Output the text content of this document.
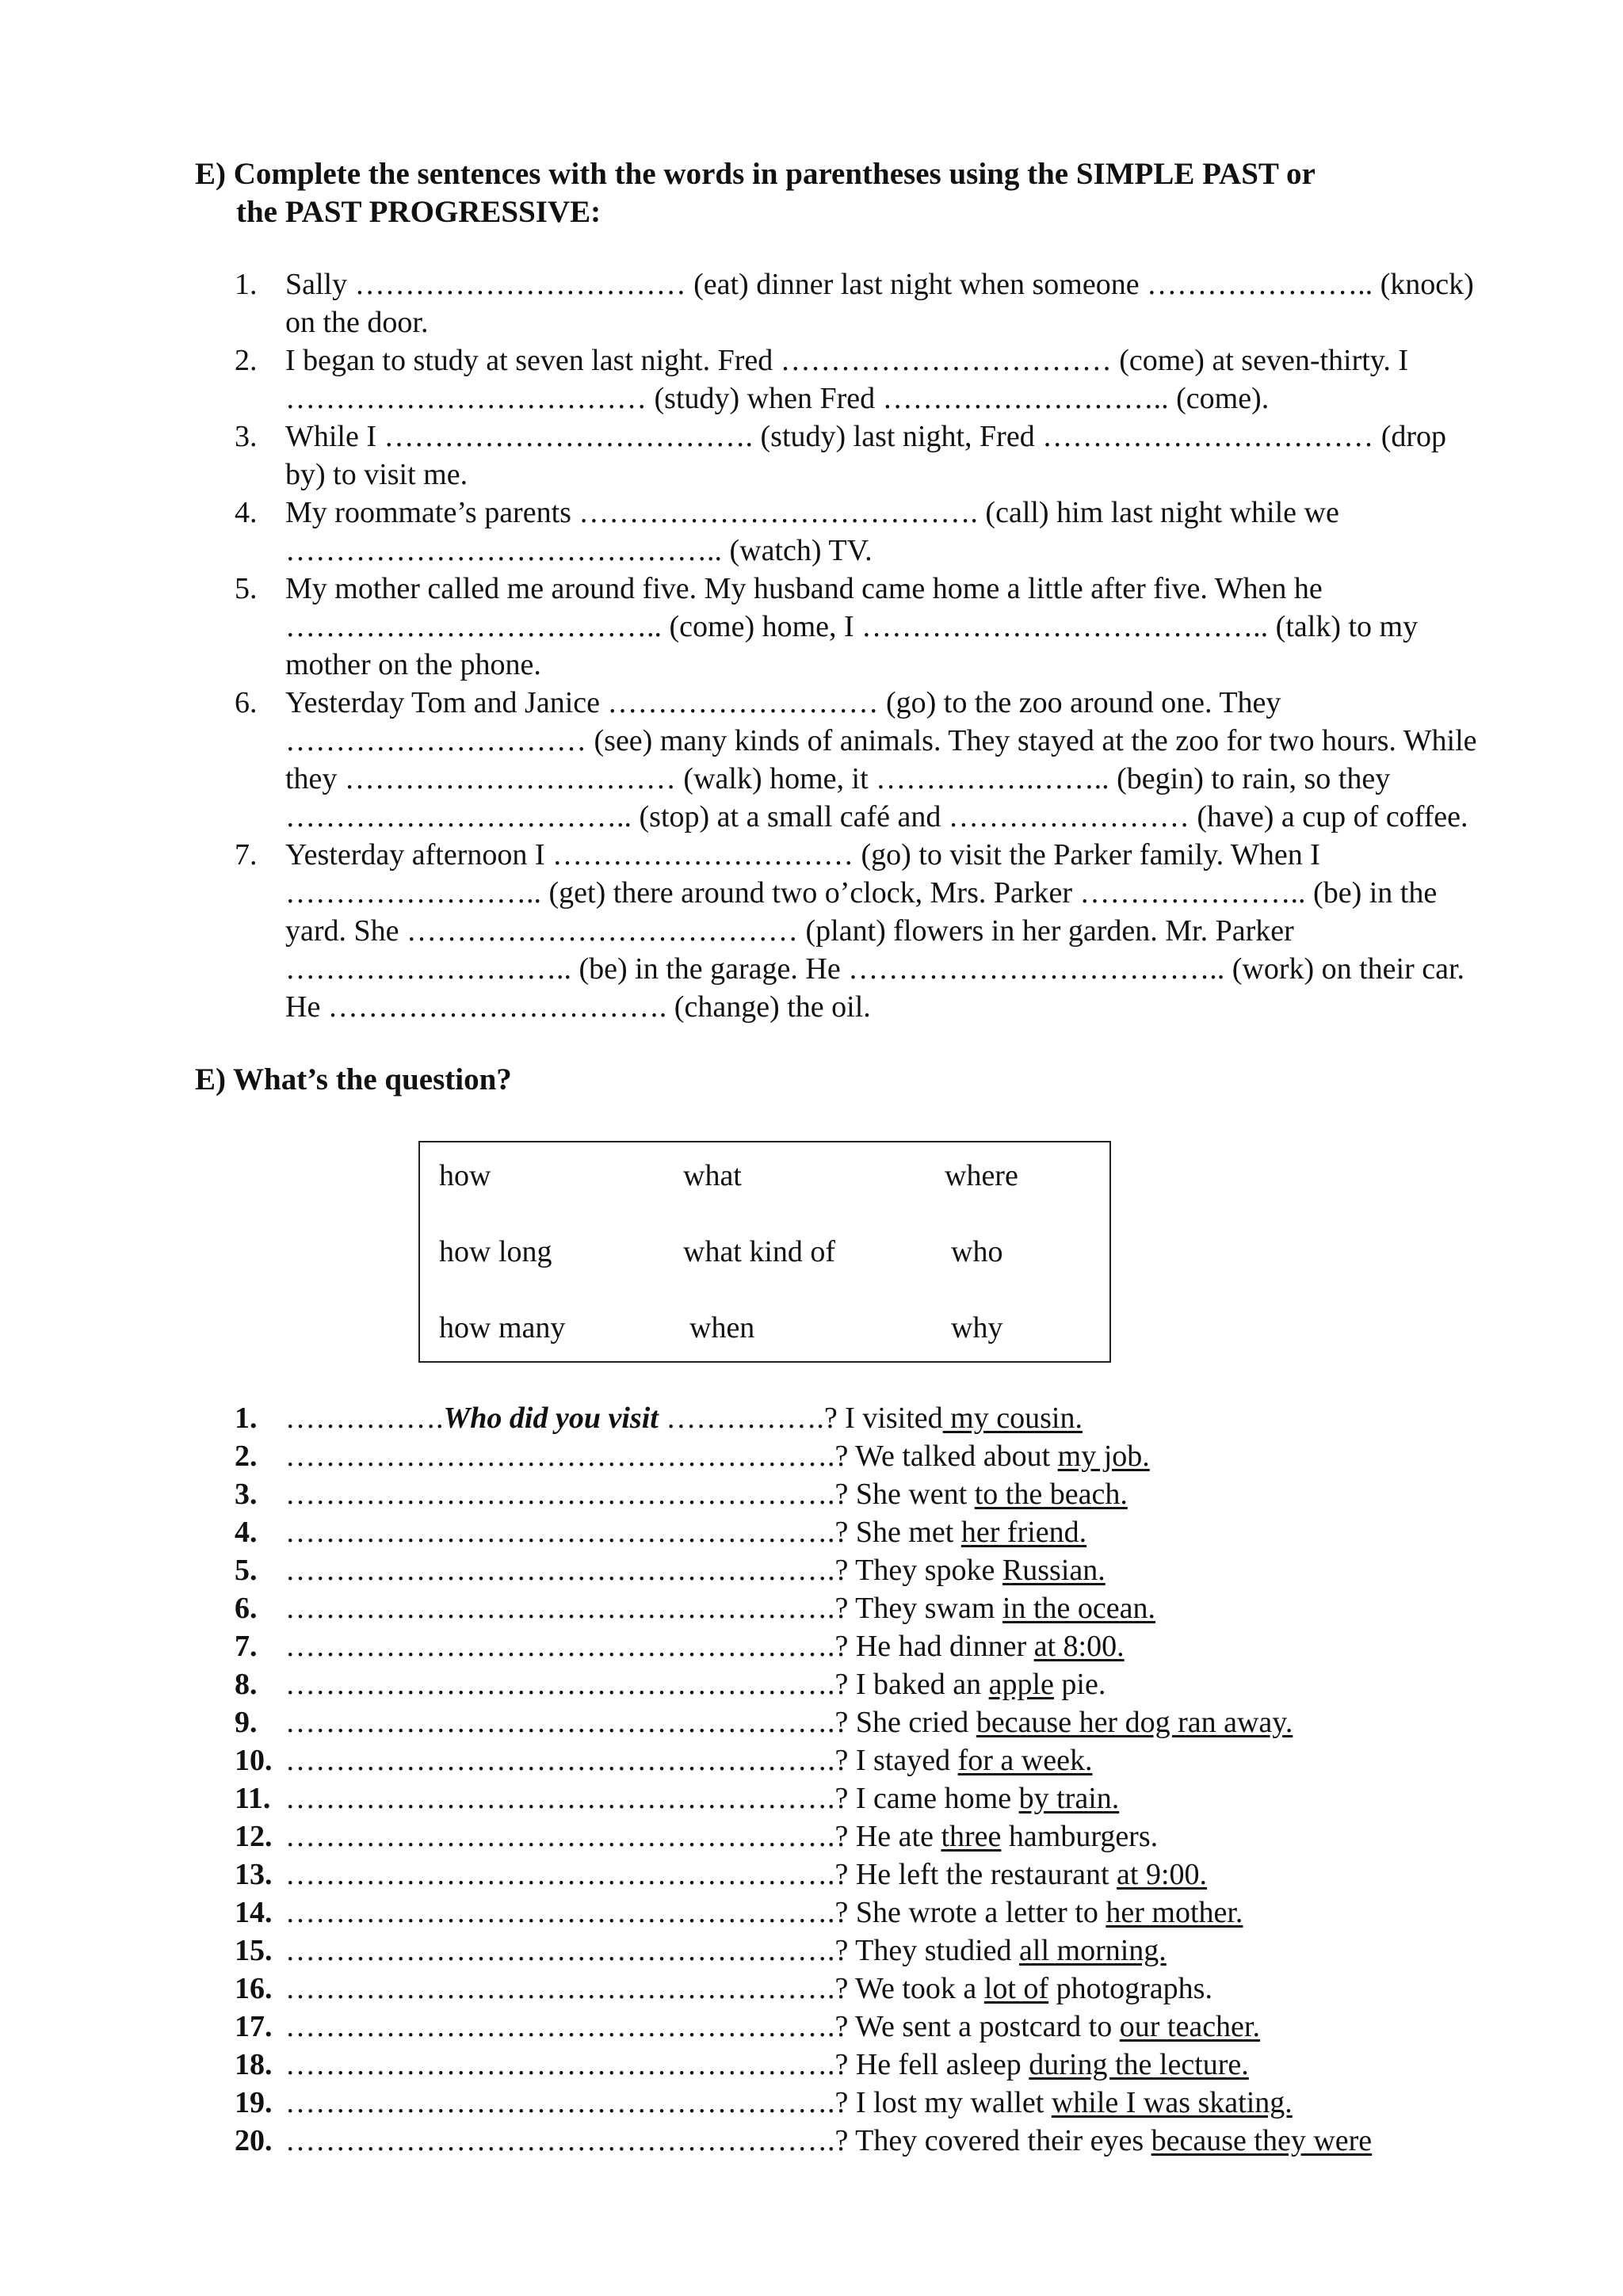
E) Complete the sentences with the words in parentheses using the SIMPLE PAST or
the PAST PROGRESSIVE:
1. Sally …………………………… (eat) dinner last night when someone ………………….. (knock) on the door.
2. I began to study at seven last night. Fred …………………………… (come) at seven-thirty. I ……………………………… (study) when Fred ……………………….. (come).
3. While I ………………………………. (study) last night, Fred …………………………… (drop by) to visit me.
4. My roommate’s parents …………………………………. (call) him last night while we …………………………………….. (watch) TV.
5. My mother called me around five. My husband came home a little after five. When he ……………………………….. (come) home, I ………………………………….. (talk) to my mother on the phone.
6. Yesterday Tom and Janice ……………………… (go) to the zoo around one. They ………………………… (see) many kinds of animals. They stayed at the zoo for two hours. While they …………………………… (walk) home, it …………….…….. (begin) to rain, so they …………………………….. (stop) at a small café and …………………… (have) a cup of coffee.
7. Yesterday afternoon I ………………………… (go) to visit the Parker family. When I …………………….. (get) there around two o’clock, Mrs. Parker ………………….. (be) in the yard. She ………………………………… (plant) flowers in her garden. Mr. Parker ……………………….. (be) in the garage. He ……………………………….. (work) on their car. He ……………………………. (change) the oil.
E) What’s the question?
how	what	where
how long	what kind of	who
how many	when	why
1. …………….Who did you visit …………….? I visited my cousin.
2. ……………………………………………….? We talked about my job.
3. ……………………………………………….? She went to the beach.
4. ……………………………………………….? She met her friend.
5. ……………………………………………….? They spoke Russian.
6. ……………………………………………….? They swam in the ocean.
7. ……………………………………………….? He had dinner at 8:00.
8. ……………………………………………….? I baked an apple pie.
9. ……………………………………………….? She cried because her dog ran away.
10. ……………………………………………….? I stayed for a week.
11. ……………………………………………….? I came home by train.
12. ……………………………………………….? He ate three hamburgers.
13. ……………………………………………….? He left the restaurant at 9:00.
14. ……………………………………………….? She wrote a letter to her mother.
15. ……………………………………………….? They studied all morning.
16. ……………………………………………….? We took a lot of photographs.
17. ……………………………………………….? We sent a postcard to our teacher.
18. ……………………………………………….? He fell asleep during the lecture.
19. ……………………………………………….? I lost my wallet while I was skating.
20. ……………………………………………….? They covered their eyes because they were
